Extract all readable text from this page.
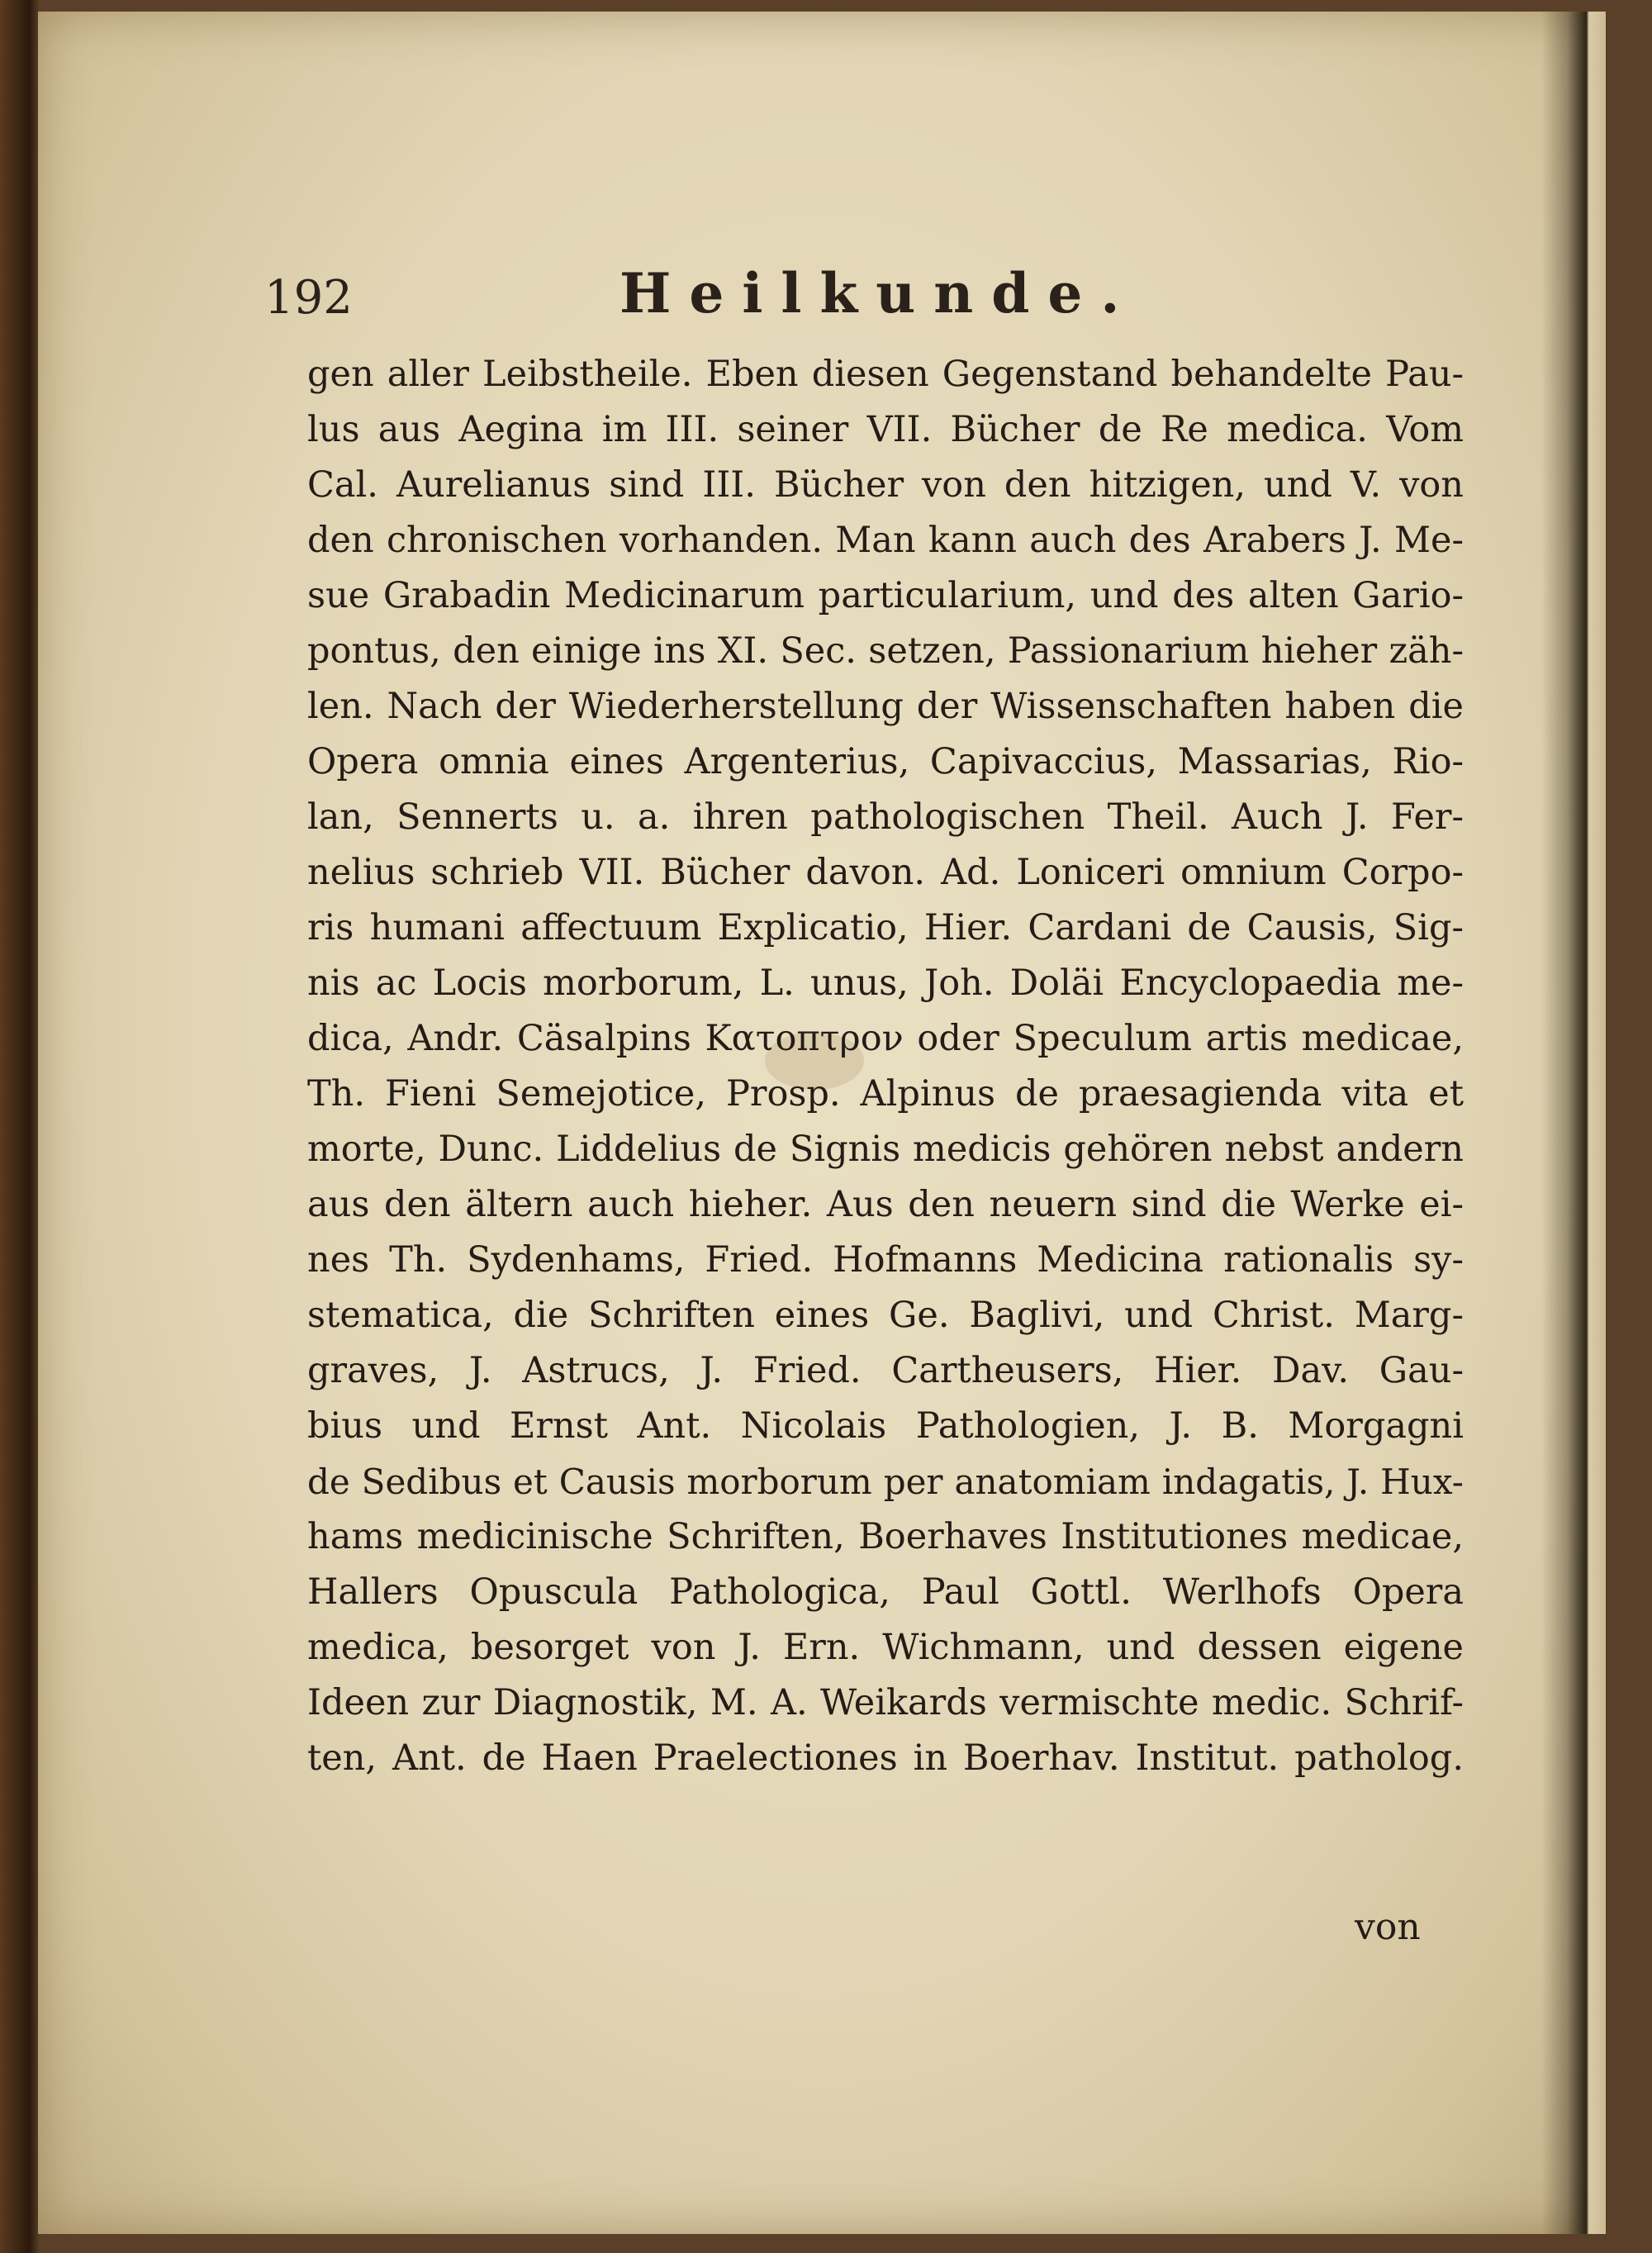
192	Heilkunde.
gen aller Leibstheile. Eben diesen Gegenstand behandelte Pau-
lus aus Aegina im III. seiner VII. Bücher de Re medica. Vom
Cal. Aurelianus sind III. Bücher von den hitzigen, und V. von
den chronischen vorhanden. Man kann auch des Arabers J. Me-
sue Grabadin Medicinarum particularium, und des alten Gario-
pontus, den einige ins XI. Sec. setzen, Passionarium hieher zäh-
len. Nach der Wiederherstellung der Wissenschaften haben die
Opera omnia eines Argenterius, Capivaccius, Massarias, Rio-
lan, Sennerts u. a. ihren pathologischen Theil. Auch J. Fer-
nelius schrieb VII. Bücher davon. Ad. Loniceri omnium Corpo-
ris humani affectuum Explicatio, Hier. Cardani de Causis, Sig-
nis ac Locis morborum, L. unus, Joh. Doläi Encyclopaedia me-
dica, Andr. Cäsalpins Κατοπτρον oder Speculum artis medicae,
Th. Fieni Semejotice, Prosp. Alpinus de praesagienda vita et
morte, Dunc. Liddelius de Signis medicis gehören nebst andern
aus den ältern auch hieher. Aus den neuern sind die Werke ei-
nes Th. Sydenhams, Fried. Hofmanns Medicina rationalis sy-
stematica, die Schriften eines Ge. Baglivi, und Christ. Marg-
graves, J. Astrucs, J. Fried. Cartheusers, Hier. Dav. Gau-
bius und Ernst Ant. Nicolais Pathologien, J. B. Morgagni
de Sedibus et Causis morborum per anatomiam indagatis, J. Hux-
hams medicinische Schriften, Boerhaves Institutiones medicae,
Hallers Opuscula Pathologica, Paul Gottl. Werlhofs Opera
medica, besorget von J. Ern. Wichmann, und dessen eigene
Ideen zur Diagnostik, M. A. Weikards vermischte medic. Schrif-
ten, Ant. de Haen Praelectiones in Boerhav. Institut. patholog.
von
